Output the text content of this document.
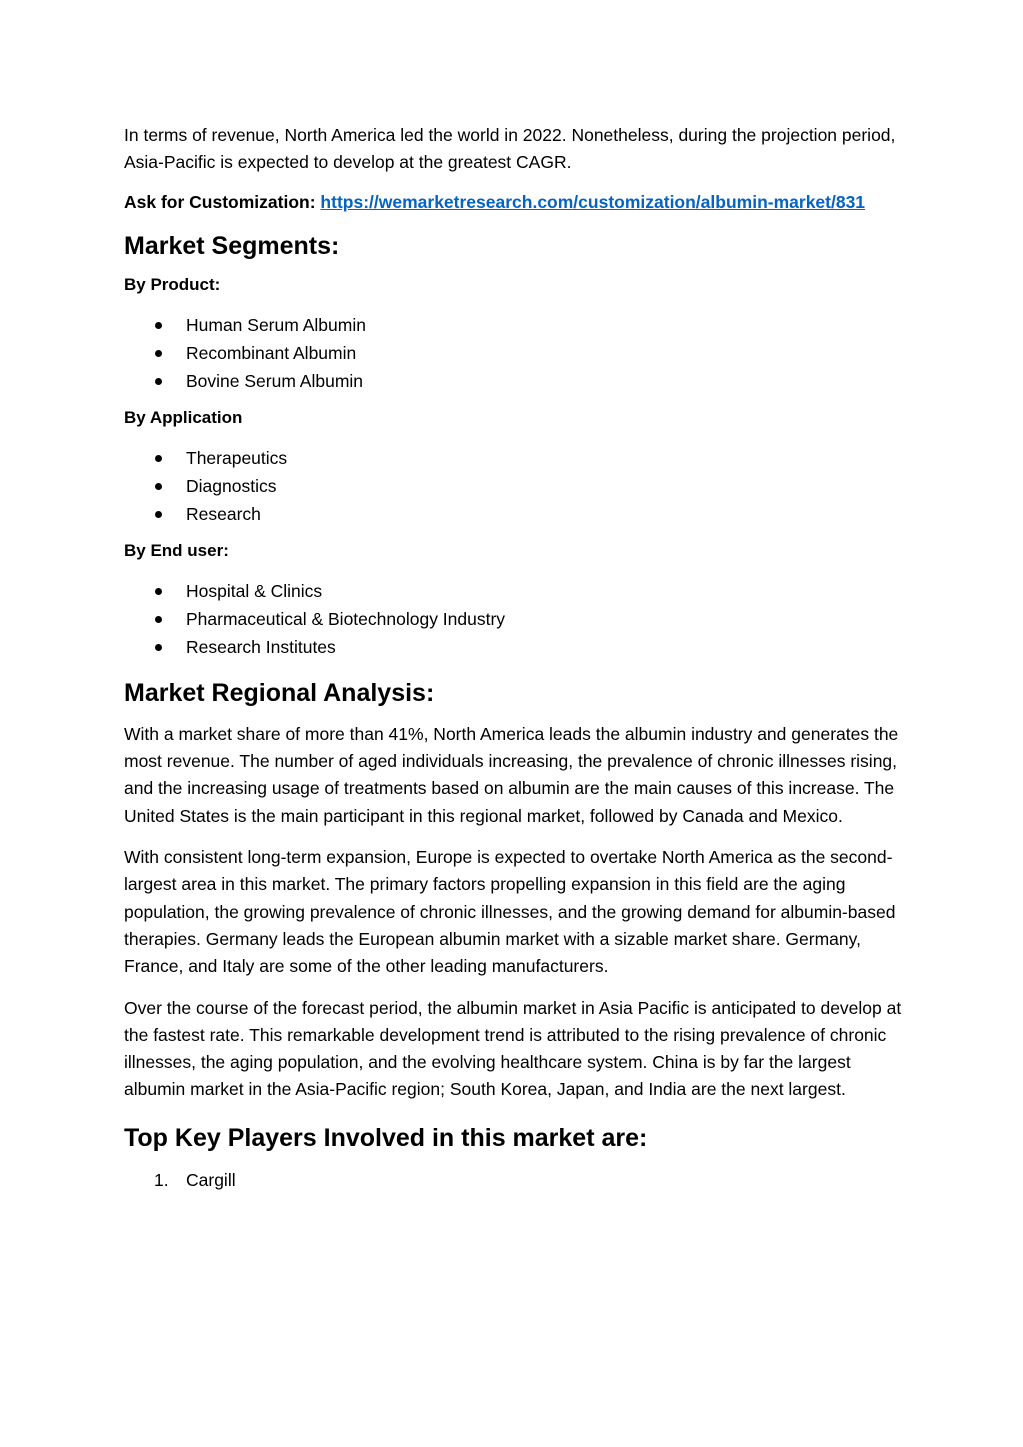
In terms of revenue, North America led the world in 2022. Nonetheless, during the projection period, Asia-Pacific is expected to develop at the greatest CAGR.

Ask for Customization: https://wemarketresearch.com/customization/albumin-market/831

Market Segments:
By Product:
Human Serum Albumin
Recombinant Albumin
Bovine Serum Albumin
By Application
Therapeutics
Diagnostics
Research
By End user:
Hospital & Clinics
Pharmaceutical & Biotechnology Industry
Research Institutes
Market Regional Analysis:

With a market share of more than 41%, North America leads the albumin industry and generates the most revenue. The number of aged individuals increasing, the prevalence of chronic illnesses rising, and the increasing usage of treatments based on albumin are the main causes of this increase. The United States is the main participant in this regional market, followed by Canada and Mexico.

With consistent long-term expansion, Europe is expected to overtake North America as the second-largest area in this market. The primary factors propelling expansion in this field are the aging population, the growing prevalence of chronic illnesses, and the growing demand for albumin-based therapies. Germany leads the European albumin market with a sizable market share. Germany, France, and Italy are some of the other leading manufacturers.

Over the course of the forecast period, the albumin market in Asia Pacific is anticipated to develop at the fastest rate. This remarkable development trend is attributed to the rising prevalence of chronic illnesses, the aging population, and the evolving healthcare system. China is by far the largest albumin market in the Asia-Pacific region; South Korea, Japan, and India are the next largest.

Top Key Players Involved in this market are:
1. Cargill
